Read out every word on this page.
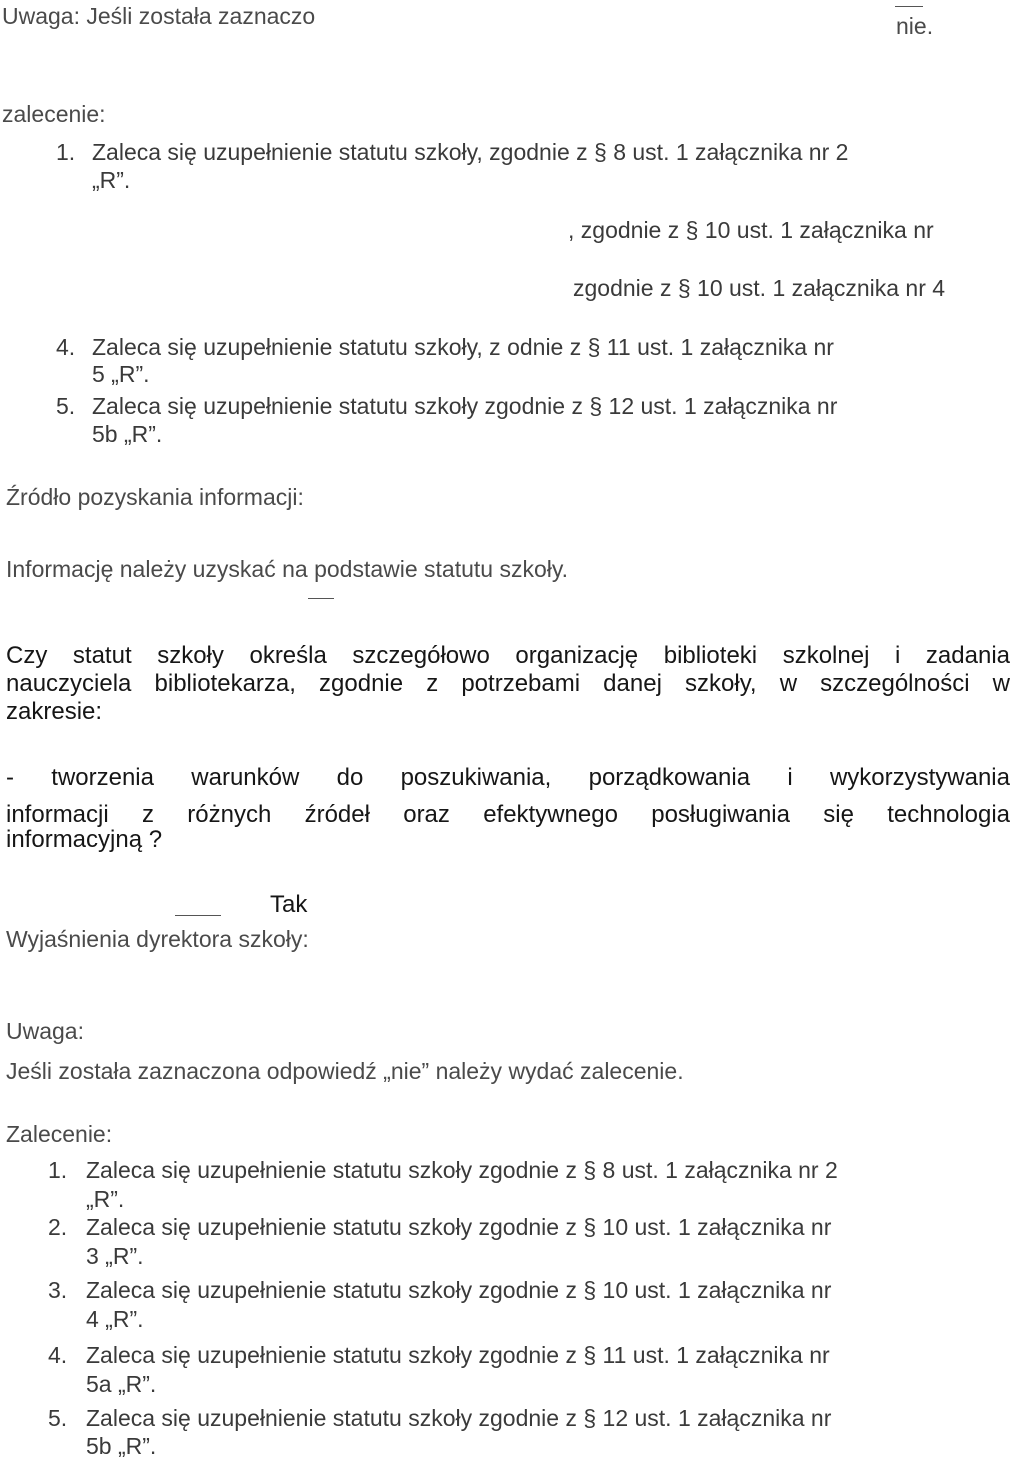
Uwaga: Jeśli została zaznaczo	nie.
zalecenie:
1. Zaleca się uzupełnienie statutu szkoły, zgodnie z § 8 ust. 1 załącznika nr 2
„R”.
, zgodnie z § 10 ust. 1 załącznika nr
zgodnie z § 10 ust. 1 załącznika nr 4
4. Zaleca się uzupełnienie statutu szkoły, z odnie z § 11 ust. 1 załącznika nr
5 „R”.
5. Zaleca się uzupełnienie statutu szkoły zgodnie z § 12 ust. 1 załącznika nr
5b „R”.
Źródło pozyskania informacji:
Informację należy uzyskać na podstawie statutu szkoły.
Czy statut szkoły określa szczegółowo organizację biblioteki szkolnej i zadania
nauczyciela bibliotekarza, zgodnie z potrzebami danej szkoły, w szczególności w
zakresie:
- tworzenia warunków do poszukiwania, porządkowania i wykorzystywania
informacji z różnych źródeł oraz efektywnego posługiwania się technologia
informacyjną ?
Tak
Wyjaśnienia dyrektora szkoły:
Uwaga:
Jeśli została zaznaczona odpowiedź „nie” należy wydać zalecenie.
Zalecenie:
1. Zaleca się uzupełnienie statutu szkoły zgodnie z § 8 ust. 1 załącznika nr 2
„R”.
2. Zaleca się uzupełnienie statutu szkoły zgodnie z § 10 ust. 1 załącznika nr
3 „R”.
3. Zaleca się uzupełnienie statutu szkoły zgodnie z § 10 ust. 1 załącznika nr
4 „R”.
4. Zaleca się uzupełnienie statutu szkoły zgodnie z § 11 ust. 1 załącznika nr
5a „R”.
5. Zaleca się uzupełnienie statutu szkoły zgodnie z § 12 ust. 1 załącznika nr
5b „R”.
